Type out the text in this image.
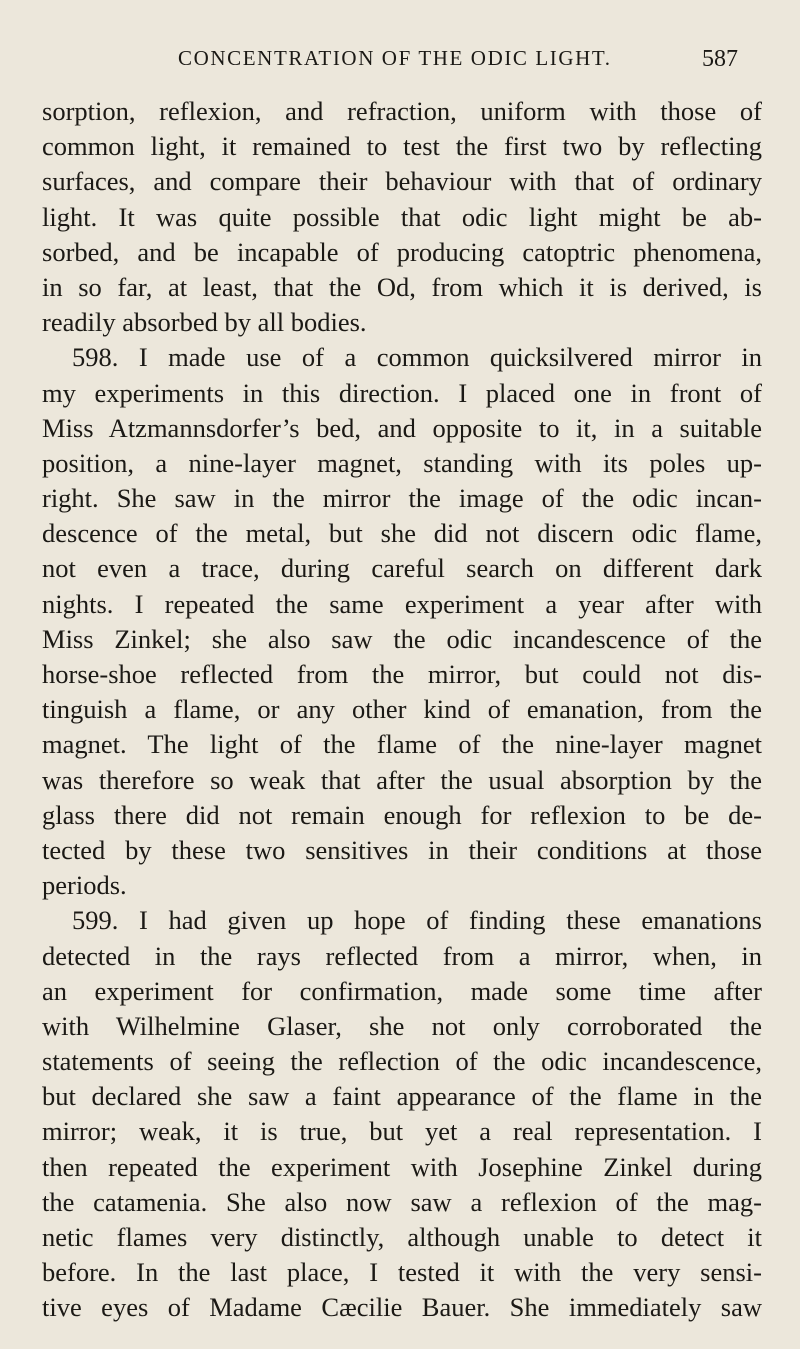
CONCENTRATION OF THE ODIC LIGHT.	587
sorption, reflexion, and refraction, uniform with those of
common light, it remained to test the first two by reflecting
surfaces, and compare their behaviour with that of ordinary
light. It was quite possible that odic light might be ab-
sorbed, and be incapable of producing catoptric phenomena,
in so far, at least, that the Od, from which it is derived, is
readily absorbed by all bodies.
598. I made use of a common quicksilvered mirror in
my experiments in this direction. I placed one in front of
Miss Atzmannsdorfer’s bed, and opposite to it, in a suitable
position, a nine-layer magnet, standing with its poles up-
right. She saw in the mirror the image of the odic incan-
descence of the metal, but she did not discern odic flame,
not even a trace, during careful search on different dark
nights. I repeated the same experiment a year after with
Miss Zinkel; she also saw the odic incandescence of the
horse-shoe reflected from the mirror, but could not dis-
tinguish a flame, or any other kind of emanation, from the
magnet. The light of the flame of the nine-layer magnet
was therefore so weak that after the usual absorption by the
glass there did not remain enough for reflexion to be de-
tected by these two sensitives in their conditions at those
periods.
599. I had given up hope of finding these emanations
detected in the rays reflected from a mirror, when, in
an experiment for confirmation, made some time after
with Wilhelmine Glaser, she not only corroborated the
statements of seeing the reflection of the odic incandescence,
but declared she saw a faint appearance of the flame in the
mirror; weak, it is true, but yet a real representation. I
then repeated the experiment with Josephine Zinkel during
the catamenia. She also now saw a reflexion of the mag-
netic flames very distinctly, although unable to detect it
before. In the last place, I tested it with the very sensi-
tive eyes of Madame Cæcilie Bauer. She immediately saw
